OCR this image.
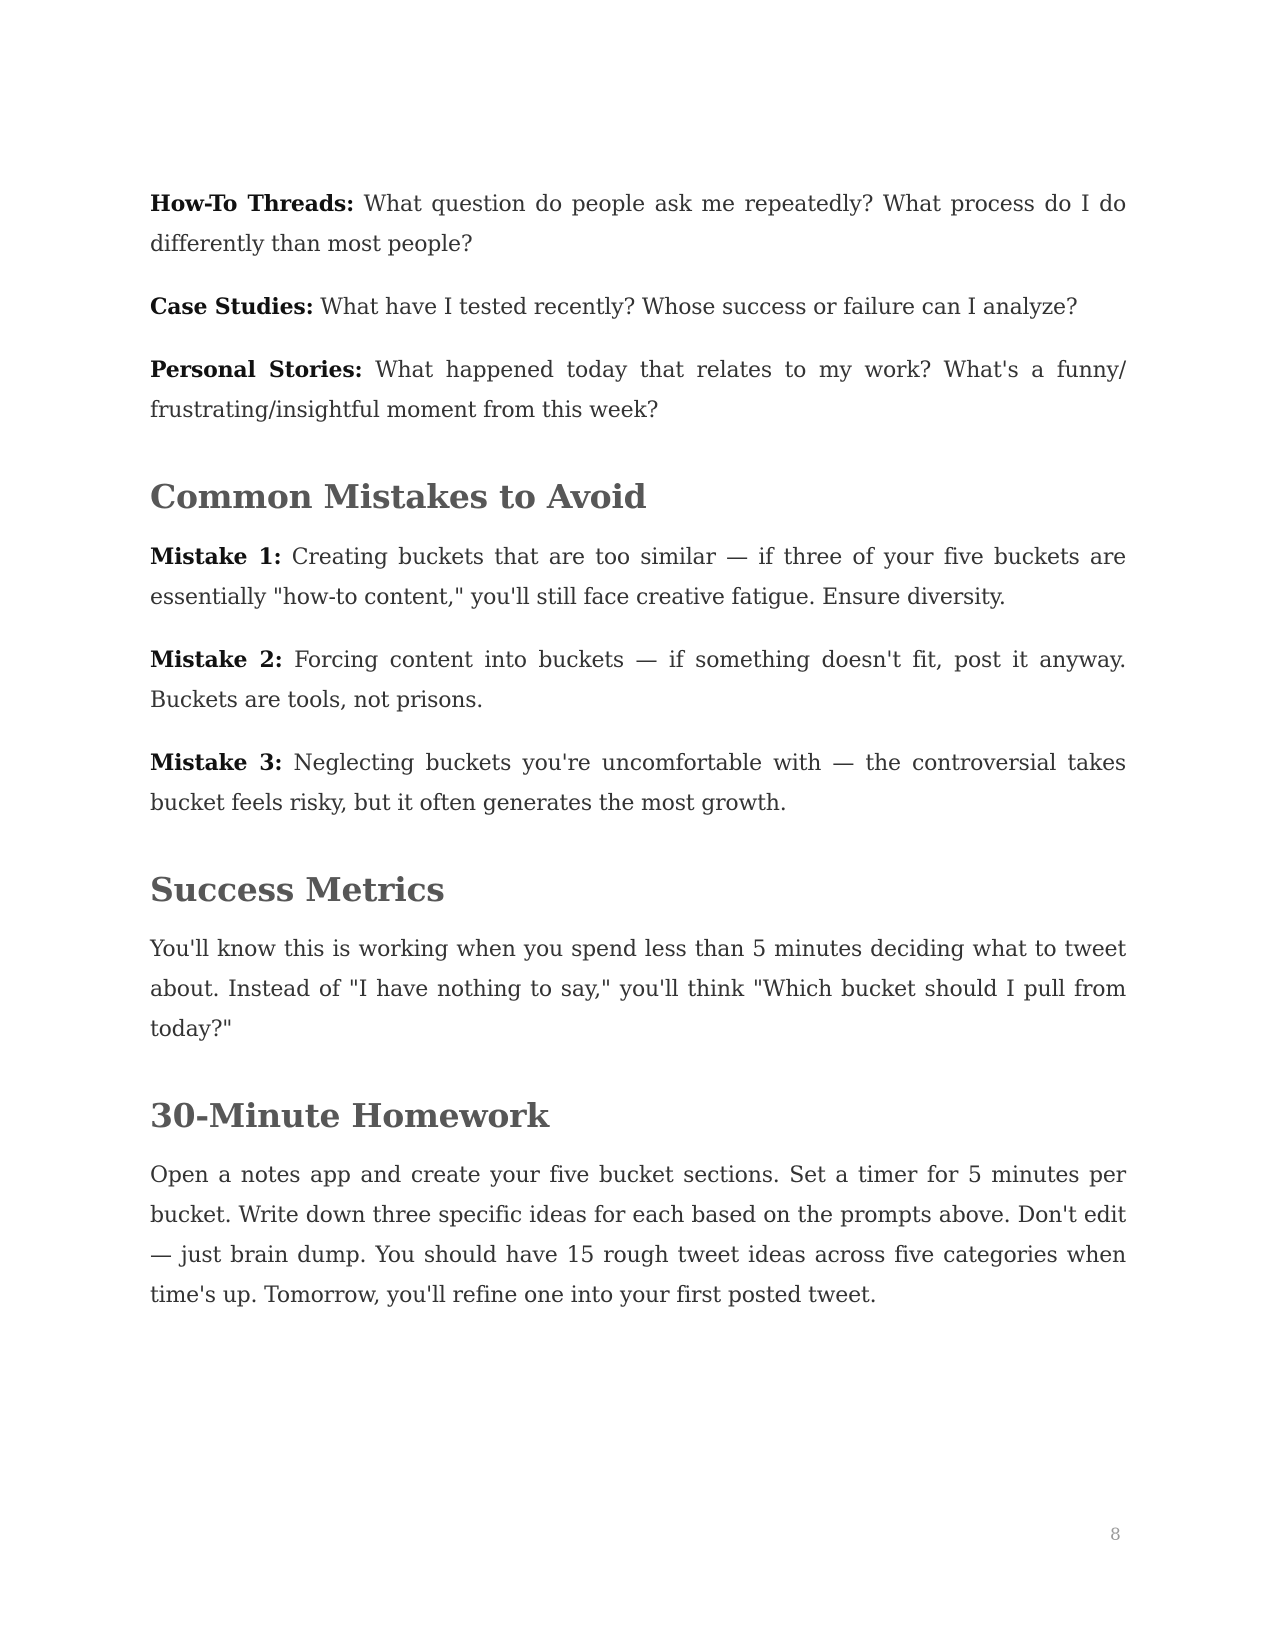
How-To Threads: What question do people ask me repeatedly? What process do I do differently than most people?

Case Studies: What have I tested recently? Whose success or failure can I analyze?

Personal Stories: What happened today that relates to my work? What's a funny/ frustrating/insightful moment from this week?

Common Mistakes to Avoid

Mistake 1: Creating buckets that are too similar — if three of your five buckets are essentially "how-to content," you'll still face creative fatigue. Ensure diversity.

Mistake 2: Forcing content into buckets — if something doesn't fit, post it anyway. Buckets are tools, not prisons.

Mistake 3: Neglecting buckets you're uncomfortable with — the controversial takes bucket feels risky, but it often generates the most growth.

Success Metrics

You'll know this is working when you spend less than 5 minutes deciding what to tweet about. Instead of "I have nothing to say," you'll think "Which bucket should I pull from today?"

30-Minute Homework

Open a notes app and create your five bucket sections. Set a timer for 5 minutes per bucket. Write down three specific ideas for each based on the prompts above. Don't edit — just brain dump. You should have 15 rough tweet ideas across five categories when time's up. Tomorrow, you'll refine one into your first posted tweet.

8
